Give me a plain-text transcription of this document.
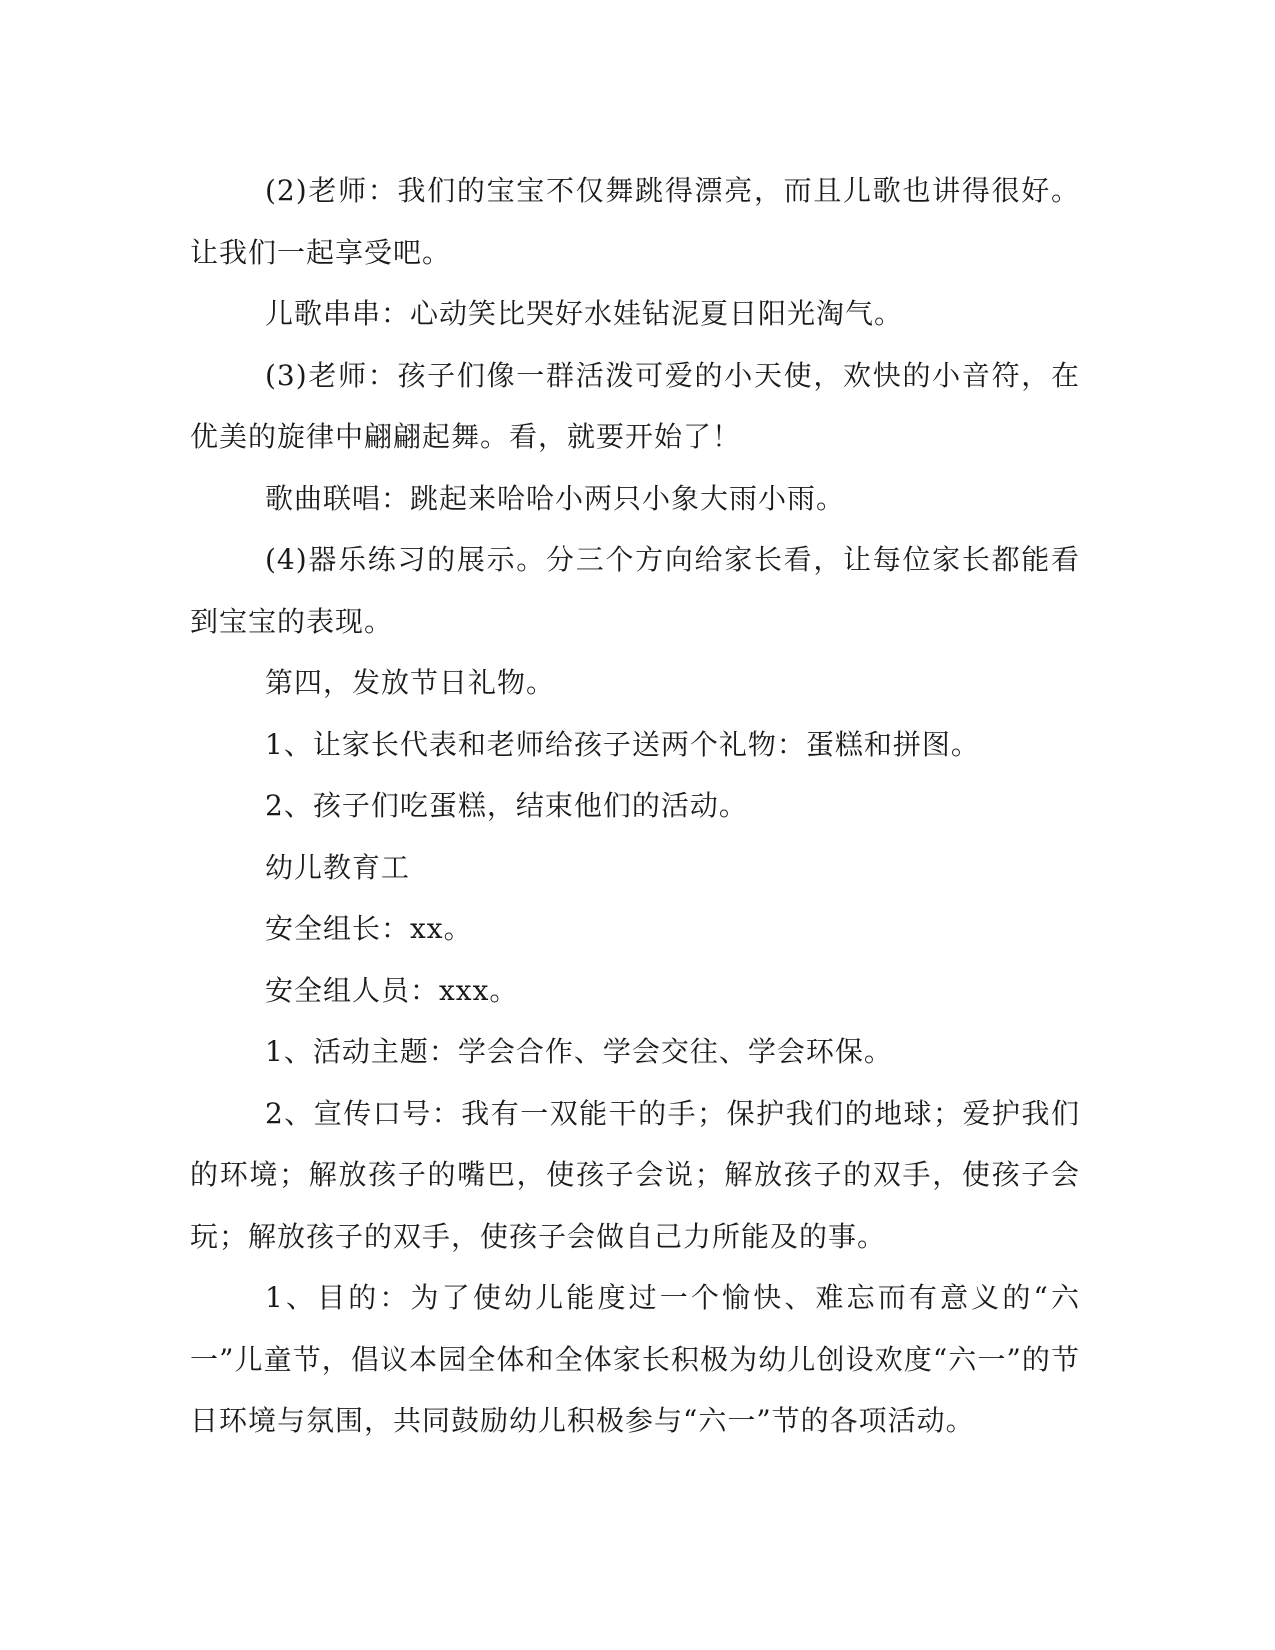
(2)老师：我们的宝宝不仅舞跳得漂亮，而且儿歌也讲得很好。让我们一起享受吧。

儿歌串串：心动笑比哭好水娃钻泥夏日阳光淘气。

(3)老师：孩子们像一群活泼可爱的小天使，欢快的小音符，在优美的旋律中翩翩起舞。看，就要开始了！

歌曲联唱：跳起来哈哈小两只小象大雨小雨。

(4)器乐练习的展示。分三个方向给家长看，让每位家长都能看到宝宝的表现。

第四，发放节日礼物。

1、让家长代表和老师给孩子送两个礼物：蛋糕和拼图。

2、孩子们吃蛋糕，结束他们的活动。

幼儿教育工

安全组长：xx。

安全组人员：xxx。

1、活动主题：学会合作、学会交往、学会环保。

2、宣传口号：我有一双能干的手；保护我们的地球；爱护我们的环境；解放孩子的嘴巴，使孩子会说；解放孩子的双手，使孩子会玩；解放孩子的双手，使孩子会做自己力所能及的事。

1、目的：为了使幼儿能度过一个愉快、难忘而有意义的“六一”儿童节，倡议本园全体和全体家长积极为幼儿创设欢度“六一”的节日环境与氛围，共同鼓励幼儿积极参与“六一”节的各项活动。
